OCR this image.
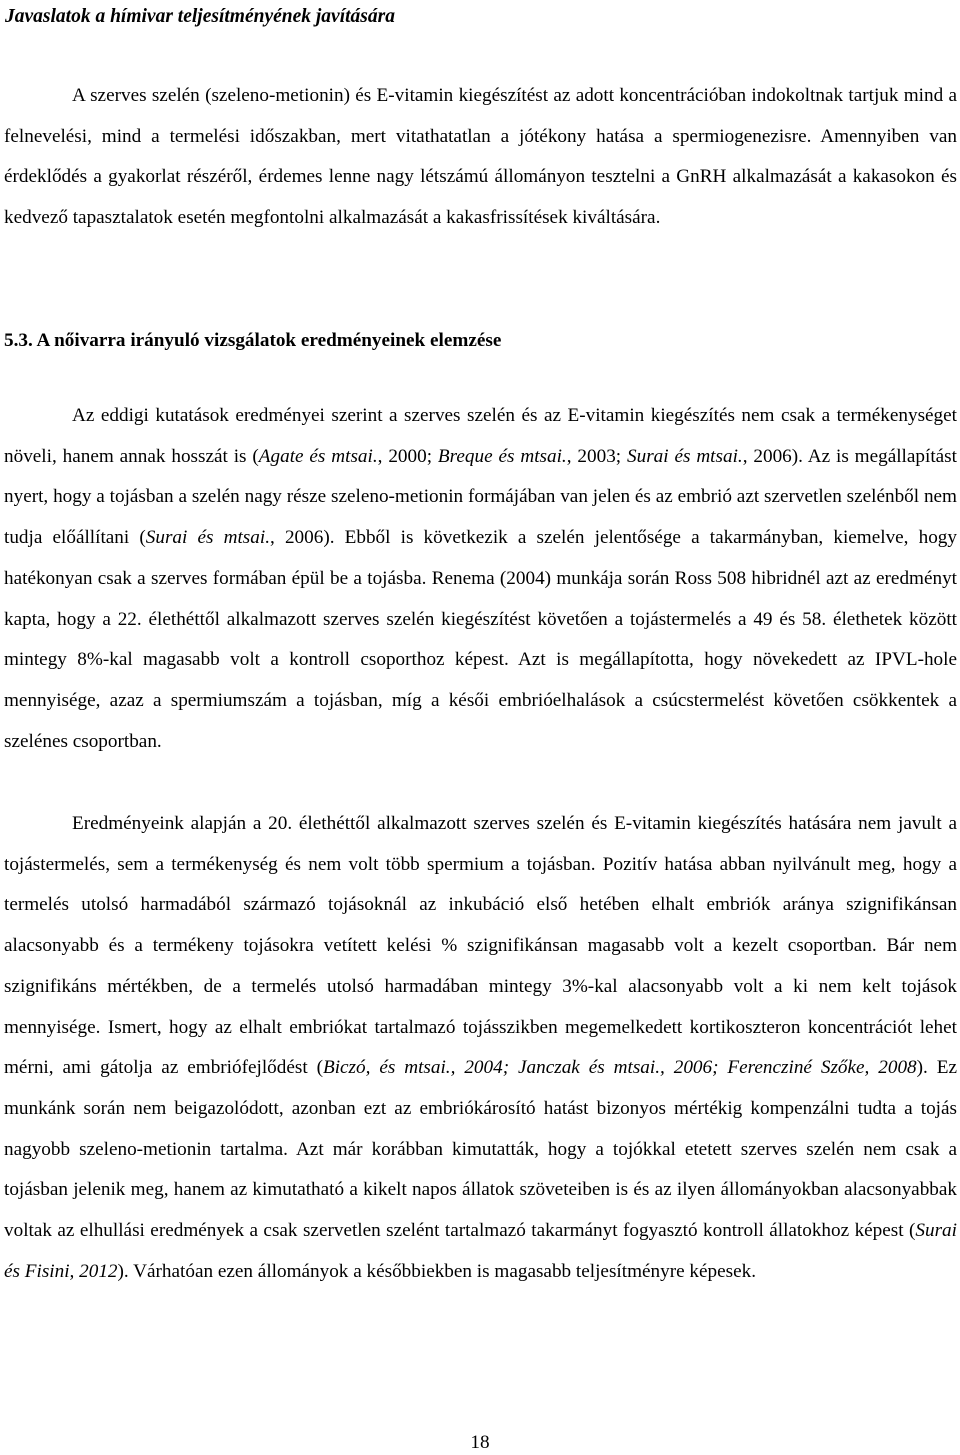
Javaslatok a hímivar teljesítményének javítására

A szerves szelén (szeleno-metionin) és E-vitamin kiegészítést az adott koncentrációban indokoltnak tartjuk mind a felnevelési, mind a termelési időszakban, mert vitathatatlan a jótékony hatása a spermiogenezisre. Amennyiben van érdeklődés a gyakorlat részéről, érdemes lenne nagy létszámú állományon tesztelni a GnRH alkalmazását a kakasokon és kedvező tapasztalatok esetén megfontolni alkalmazását a kakasfrissítések kiváltására.

5.3. A nőivarra irányuló vizsgálatok eredményeinek elemzése

Az eddigi kutatások eredményei szerint a szerves szelén és az E-vitamin kiegészítés nem csak a termékenységet növeli, hanem annak hosszát is (Agate és mtsai., 2000; Breque és mtsai., 2003; Surai és mtsai., 2006). Az is megállapítást nyert, hogy a tojásban a szelén nagy része szeleno-metionin formájában van jelen és az embrió azt szervetlen szelénből nem tudja előállítani (Surai és mtsai., 2006). Ebből is következik a szelén jelentősége a takarmányban, kiemelve, hogy hatékonyan csak a szerves formában épül be a tojásba. Renema (2004) munkája során Ross 508 hibridnél azt az eredményt kapta, hogy a 22. élethéttől alkalmazott szerves szelén kiegészítést követően a tojástermelés a 49 és 58. élethetek között mintegy 8%-kal magasabb volt a kontroll csoporthoz képest. Azt is megállapította, hogy növekedett az IPVL-hole mennyisége, azaz a spermiumszám a tojásban, míg a késői embrióelhalások a csúcstermelést követően csökkentek a szelénes csoportban.

Eredményeink alapján a 20. élethéttől alkalmazott szerves szelén és E-vitamin kiegészítés hatására nem javult a tojástermelés, sem a termékenység és nem volt több spermium a tojásban. Pozitív hatása abban nyilvánult meg, hogy a termelés utolsó harmadából származó tojásoknál az inkubáció első hetében elhalt embriók aránya szignifikánsan alacsonyabb és a termékeny tojásokra vetített kelési % szignifikánsan magasabb volt a kezelt csoportban. Bár nem szignifikáns mértékben, de a termelés utolsó harmadában mintegy 3%-kal alacsonyabb volt a ki nem kelt tojások mennyisége. Ismert, hogy az elhalt embriókat tartalmazó tojásszikben megemelkedett kortikoszteron koncentrációt lehet mérni, ami gátolja az embriófejlődést (Biczó, és mtsai., 2004; Janczak és mtsai., 2006; Ferencziné Szőke, 2008). Ez munkánk során nem beigazolódott, azonban ezt az embriókárosító hatást bizonyos mértékig kompenzálni tudta a tojás nagyobb szeleno-metionin tartalma. Azt már korábban kimutatták, hogy a tojókkal etetett szerves szelén nem csak a tojásban jelenik meg, hanem az kimutatható a kikelt napos állatok szöveteiben is és az ilyen állományokban alacsonyabbak voltak az elhullási eredmények a csak szervetlen szelént tartalmazó takarmányt fogyasztó kontroll állatokhoz képest (Surai és Fisini, 2012). Várhatóan ezen állományok a későbbiekben is magasabb teljesítményre képesek.

18
